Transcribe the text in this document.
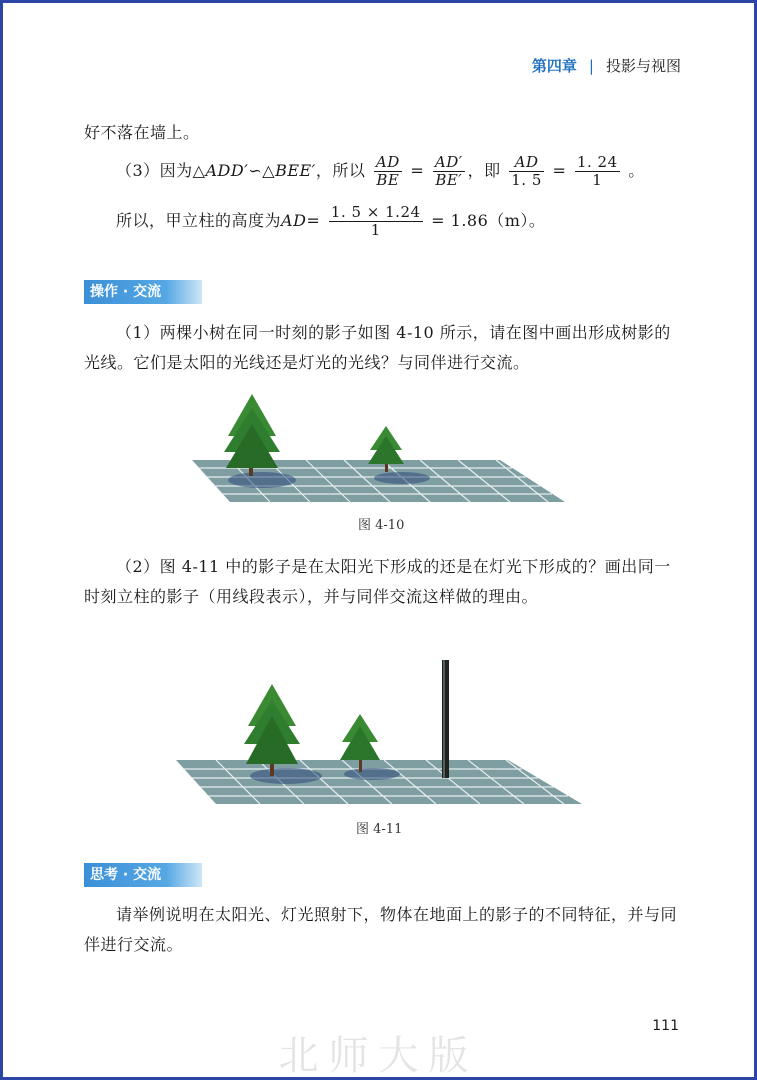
第四章 | 投影与视图
好不落在墙上。
（3）因为△ADD′∽△BEE′，所以 $\frac{AD}{BE} = \frac{AD'}{BE'}$ ，即 $\frac{AD}{1. 5} = \frac{1. 24}{1}$ 。
所以，甲立柱的高度为$AD= \frac{1. 5 \times 1.24}{1} = 1.86(m)$。
操作 · 交流
（1）两棵小树在同一时刻的影子如图 4-10 所示，请在图中画出形成树影的光线。它们是太阳的光线还是灯光的光线？与同伴进行交流。
图 4-10
（2）图 4-11 中的影子是在太阳光下形成的还是在灯光下形成的？画出同一时刻立柱的影子（用线段表示），并与同伴交流这样做的理由。
图 4-11
思考 · 交流
请举例说明在太阳光、灯光照射下，物体在地面上的影子的不同特征，并与同伴进行交流。
111
北师大版
